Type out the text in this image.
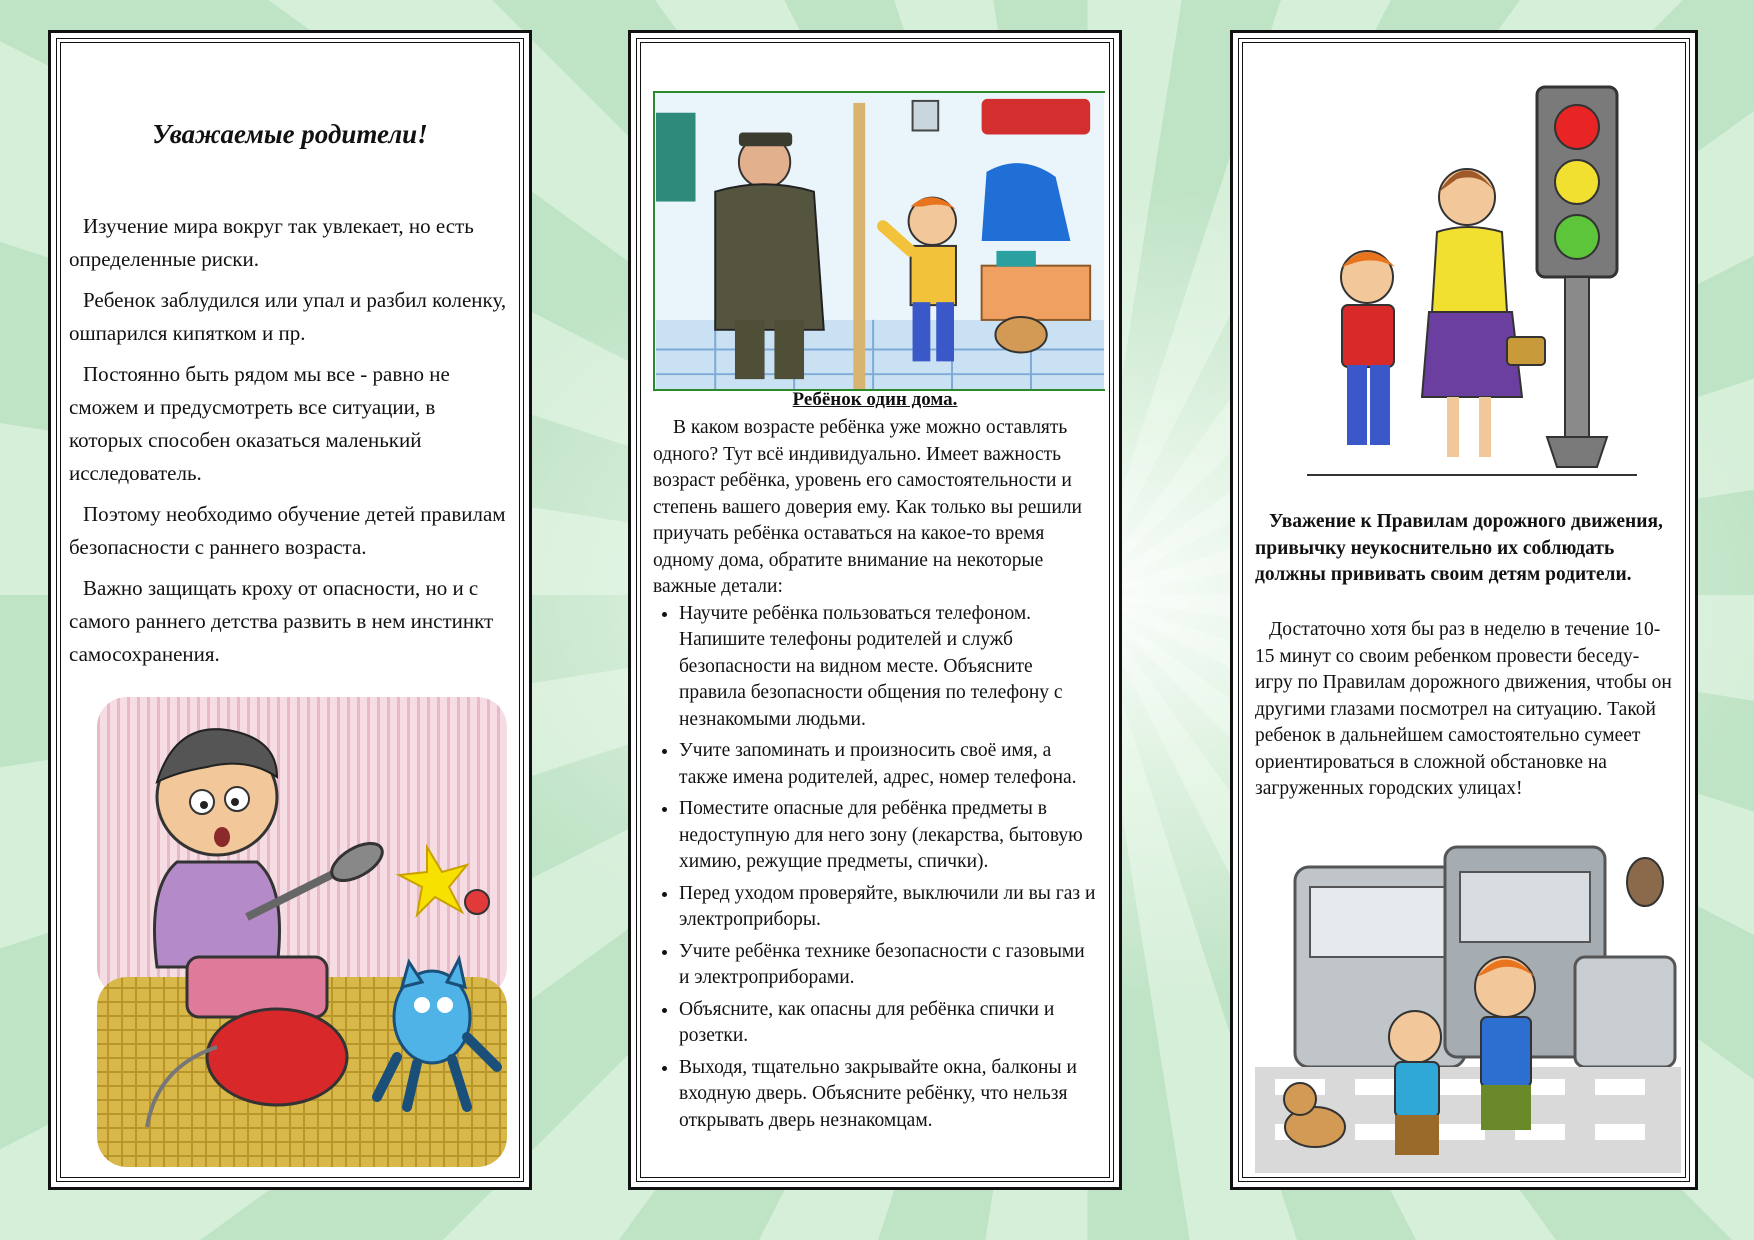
Уважаемые родители!

Изучение мира вокруг так увлекает, но есть определенные риски.

Ребенок заблудился или упал и разбил коленку, ошпарился кипятком и пр.

Постоянно быть рядом мы все - равно не сможем и предусмотреть все ситуации, в которых способен оказаться маленький исследователь.

Поэтому необходимо обучение детей правилам безопасности с раннего возраста.

Важно защищать кроху от опасности, но и с самого раннего детства развить в нем инстинкт самосохранения.

Ребёнок один дома.

В каком возрасте ребёнка уже можно оставлять одного? Тут всё индивидуально. Имеет важность возраст ребёнка, уровень его самостоятельности и степень вашего доверия ему. Как только вы решили приучать ребёнка оставаться на какое-то время одному дома, обратите внимание на некоторые важные детали:

• Научите ребёнка пользоваться телефоном. Напишите телефоны родителей и служб безопасности на видном месте. Объясните правила безопасности общения по телефону с незнакомыми людьми.
• Учите запоминать и произносить своё имя, а также имена родителей, адрес, номер телефона.
• Поместите опасные для ребёнка предметы в недоступную для него зону (лекарства, бытовую химию, режущие предметы, спички).
• Перед уходом проверяйте, выключили ли вы газ и электроприборы.
• Учите ребёнка технике безопасности с газовыми и электроприборами.
• Объясните, как опасны для ребёнка спички и розетки.
• Выходя, тщательно закрывайте окна, балконы и входную дверь. Объясните ребёнку, что нельзя открывать дверь незнакомцам.
Уважение к Правилам дорожного движения, привычку неукоснительно их соблюдать должны прививать своим детям родители.
Достаточно хотя бы раз в неделю в течение 10-15 минут со своим ребенком провести беседу-игру по Правилам дорожного движения, чтобы он другими глазами посмотрел на ситуацию. Такой ребенок в дальнейшем самостоятельно сумеет ориентироваться в сложной обстановке на загруженных городских улицах!
